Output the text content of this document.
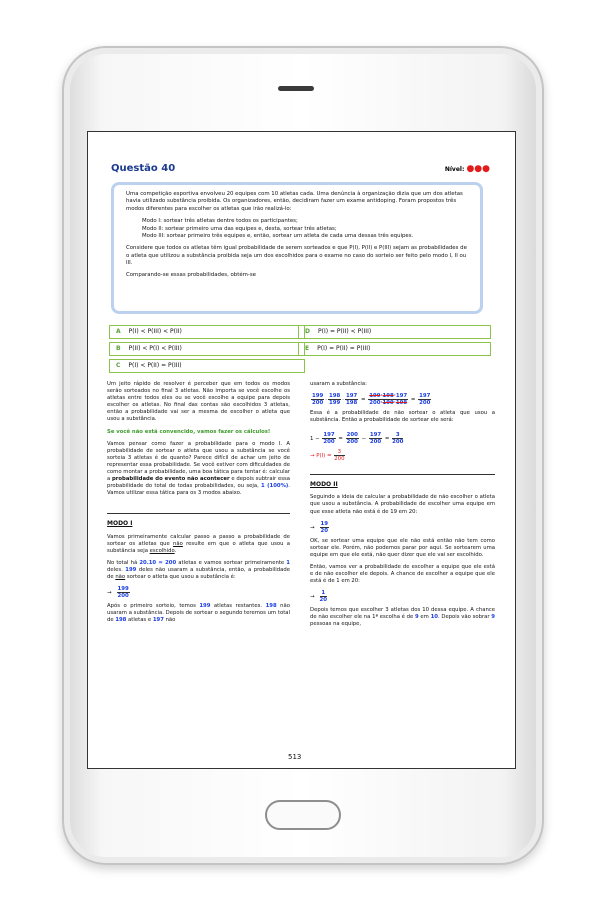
Questão 40	Nível: ●●●

Uma competição esportiva envolveu 20 equipes com 10 atletas cada. Uma denúncia à organização dizia que um dos atletas havia utilizado substância proibida. Os organizadores, então, decidiram fazer um exame antidoping. Foram propostos três modos diferentes para escolher os atletas que irão realizá-lo:

Modo I: sortear três atletas dentre todos os participantes;
Modo II: sortear primeiro uma das equipes e, desta, sortear três atletas;
Modo III: sortear primeiro três equipes e, então, sortear um atleta de cada uma dessas três equipes.

Considere que todos os atletas têm igual probabilidade de serem sorteados e que P(I), P(II) e P(III) sejam as probabilidades de o atleta que utilizou a substância proibida seja um dos escolhidos para o exame no caso do sorteio ser feito pelo modo I, II ou III.

Comparando-se essas probabilidades, obtém-se

A P(I) < P(III) < P(II)
B P(II) < P(I) < P(III)
C P(I) < P(II) = P(III)
D P(I) = P(II) < P(III)
E P(I) = P(II) = P(III)

Um jeito rápido de resolver é perceber que em todos os modos serão sorteados no final 3 atletas. Não importa se você escolhe os atletas entre todos eles ou se você escolhe a equipe para depois escolher os atletas. No final das contas são escolhidos 3 atletas, então a probabilidade vai ser a mesma de escolher o atleta que usou a substância.

Se você não está convencido, vamos fazer os cálculos!

Vamos pensar como fazer a probabilidade para o modo I. A probabilidade de sortear o atleta que usou a substância se você sorteia 3 atletas é de quanto? Parece difícil de achar um jeito de representar essa probabilidade. Se você estiver com dificuldades de como montar a probabilidade, uma boa tática para tentar é: calcular a probabilidade do evento não acontecer e depois subtrair essa probabilidade do total de todas probabilidades, ou seja, 1 (100%). Vamos utilizar essa tática para os 3 modos abaixo.

MODO I

Vamos primeiramente calcular passo a passo a probabilidade de sortear os atletas que não resulte em que o atleta que usou a substância seja escolhido.

No total há 20.10 = 200 atletas e vamos sortear primeiramente 1 deles. 199 deles não usaram a substância, então, a probabilidade de não sortear o atleta que usou a substância é:

→ $\frac{199}{200}$

Após o primeiro sorteio, temos 199 atletas restantes. 198 não usaram a substância. Depois de sortear o segundo teremos um total de 198 atletas e 197 não

usaram a substância:

$\frac{199}{200} \cdot \frac{198}{199} \cdot \frac{197}{198} = \frac{199\cdot 198\cdot 197}{200\cdot 199\cdot 198} = \frac{197}{200}$

Essa é a probabilidade de não sortear o atleta que usou a substância. Então a probabilidade de sortear ele será:

$1 - \frac{197}{200} = \frac{200}{200} - \frac{197}{200} = \frac{3}{200}$
→ $P(I) = \frac{3}{200}$
MODO II

Seguindo a ideia de calcular a probabilidade de não escolher o atleta que usou a substância. A probabilidade de escolher uma equipe em que esse atleta não está é de 19 em 20:

→ $\frac{19}{20}$

OK, se sortear uma equipe que ele não está então não tem como sortear ele. Porém, não podemos parar por aqui. Se sortearem uma equipe em que ele está, não quer dizer que ele vai ser escolhido.

Então, vamos ver a probabilidade de escolher a equipe que ele está e de não escolher ele depois. A chance de escolher a equipe que ele está é de 1 em 20:

→ $\frac{1}{20}$

Depois temos que escolher 3 atletas dos 10 dessa equipe. A chance de não escolher ele na 1ª escolha é de 9 em 10. Depois vão sobrar 9 pessoas na equipe,

513
